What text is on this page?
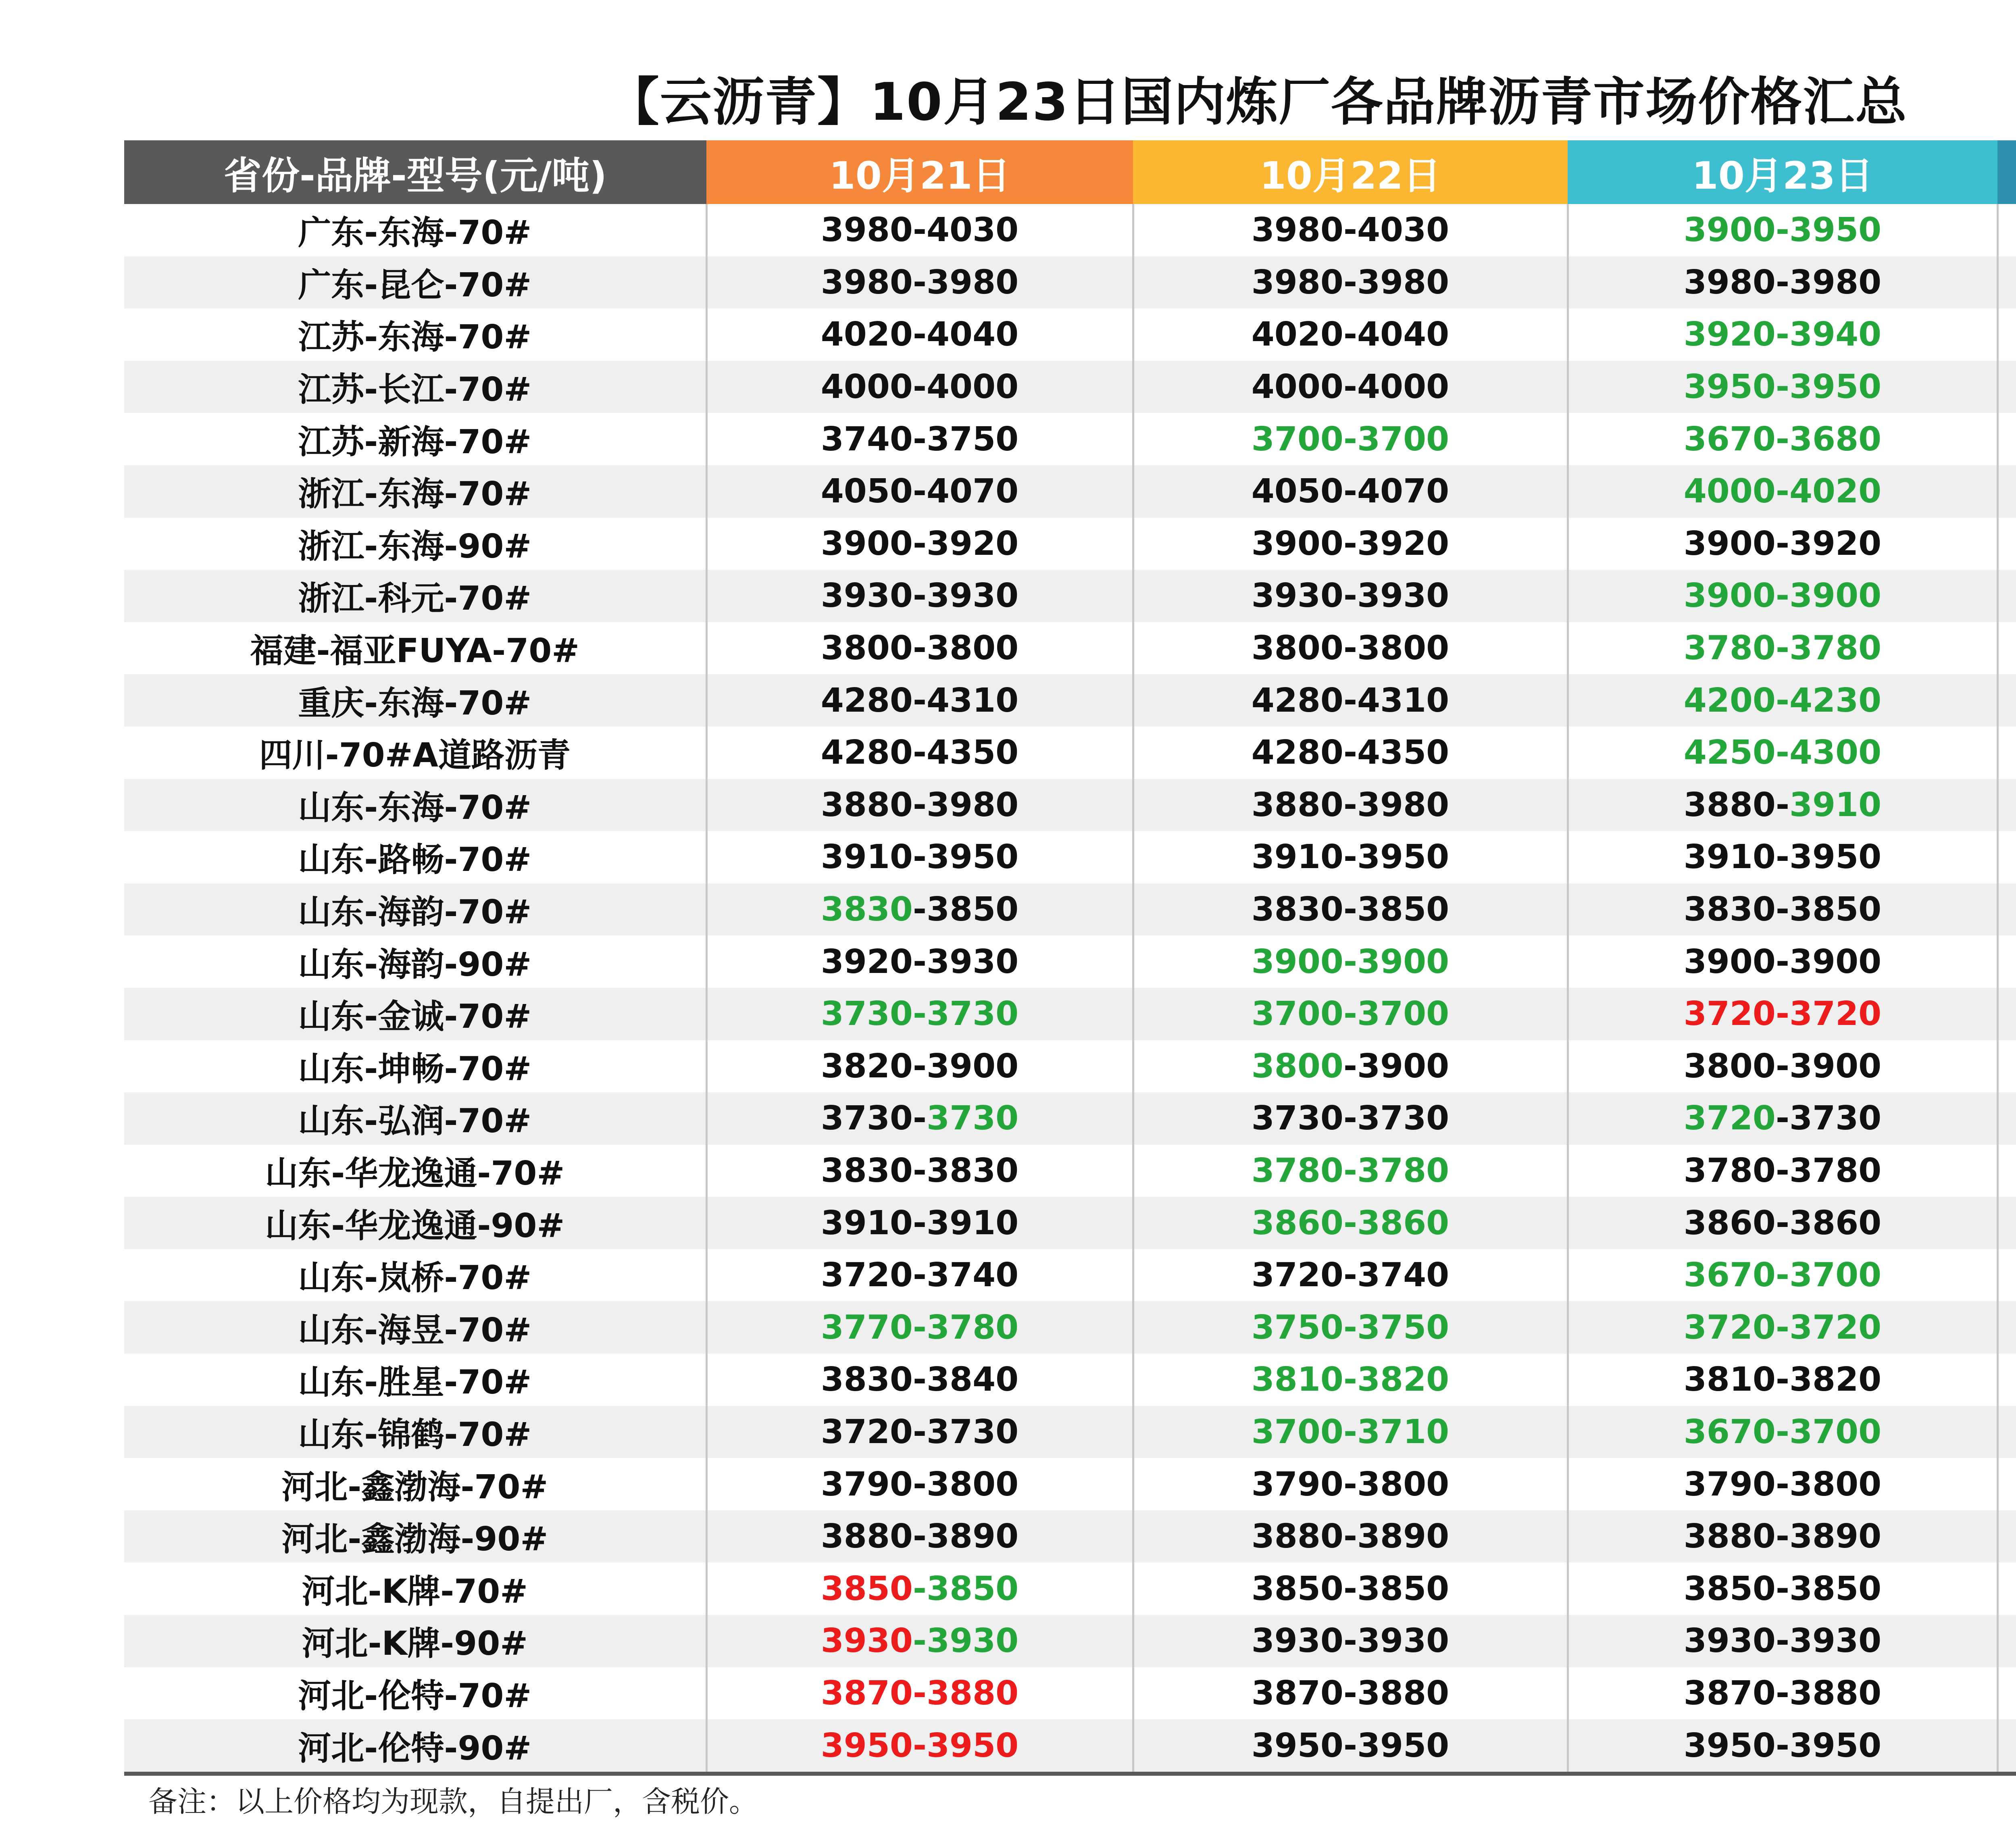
【云沥青】10月23日国内炼厂各品牌沥青市场价格汇总
省份-品牌-型号(元/吨)	10月21日	10月22日	10月23日	
广东-东海-70#	3980-4030	3980-4030	3900-3950	
广东-昆仑-70#	3980-3980	3980-3980	3980-3980	
江苏-东海-70#	4020-4040	4020-4040	3920-3940	
江苏-长江-70#	4000-4000	4000-4000	3950-3950	
江苏-新海-70#	3740-3750	3700-3700	3670-3680	
浙江-东海-70#	4050-4070	4050-4070	4000-4020	
浙江-东海-90#	3900-3920	3900-3920	3900-3920	
浙江-科元-70#	3930-3930	3930-3930	3900-3900	
福建-福亚FUYA-70#	3800-3800	3800-3800	3780-3780	
重庆-东海-70#	4280-4310	4280-4310	4200-4230	
四川-70#A道路沥青	4280-4350	4280-4350	4250-4300	
山东-东海-70#	3880-3980	3880-3980	3880-3910	
山东-路畅-70#	3910-3950	3910-3950	3910-3950	
山东-海韵-70#	3830-3850	3830-3850	3830-3850	
山东-海韵-90#	3920-3930	3900-3900	3900-3900	
山东-金诚-70#	3730-3730	3700-3700	3720-3720	
山东-坤畅-70#	3820-3900	3800-3900	3800-3900	
山东-弘润-70#	3730-3730	3730-3730	3720-3730	
山东-华龙逸通-70#	3830-3830	3780-3780	3780-3780	
山东-华龙逸通-90#	3910-3910	3860-3860	3860-3860	
山东-岚桥-70#	3720-3740	3720-3740	3670-3700	
山东-海昱-70#	3770-3780	3750-3750	3720-3720	
山东-胜星-70#	3830-3840	3810-3820	3810-3820	
山东-锦鹤-70#	3720-3730	3700-3710	3670-3700	
河北-鑫渤海-70#	3790-3800	3790-3800	3790-3800	
河北-鑫渤海-90#	3880-3890	3880-3890	3880-3890	
河北-K牌-70#	3850-3850	3850-3850	3850-3850	
河北-K牌-90#	3930-3930	3930-3930	3930-3930	
河北-伦特-70#	3870-3880	3870-3880	3870-3880	
河北-伦特-90#	3950-3950	3950-3950	3950-3950	
备注：以上价格均为现款，自提出厂，含税价。
